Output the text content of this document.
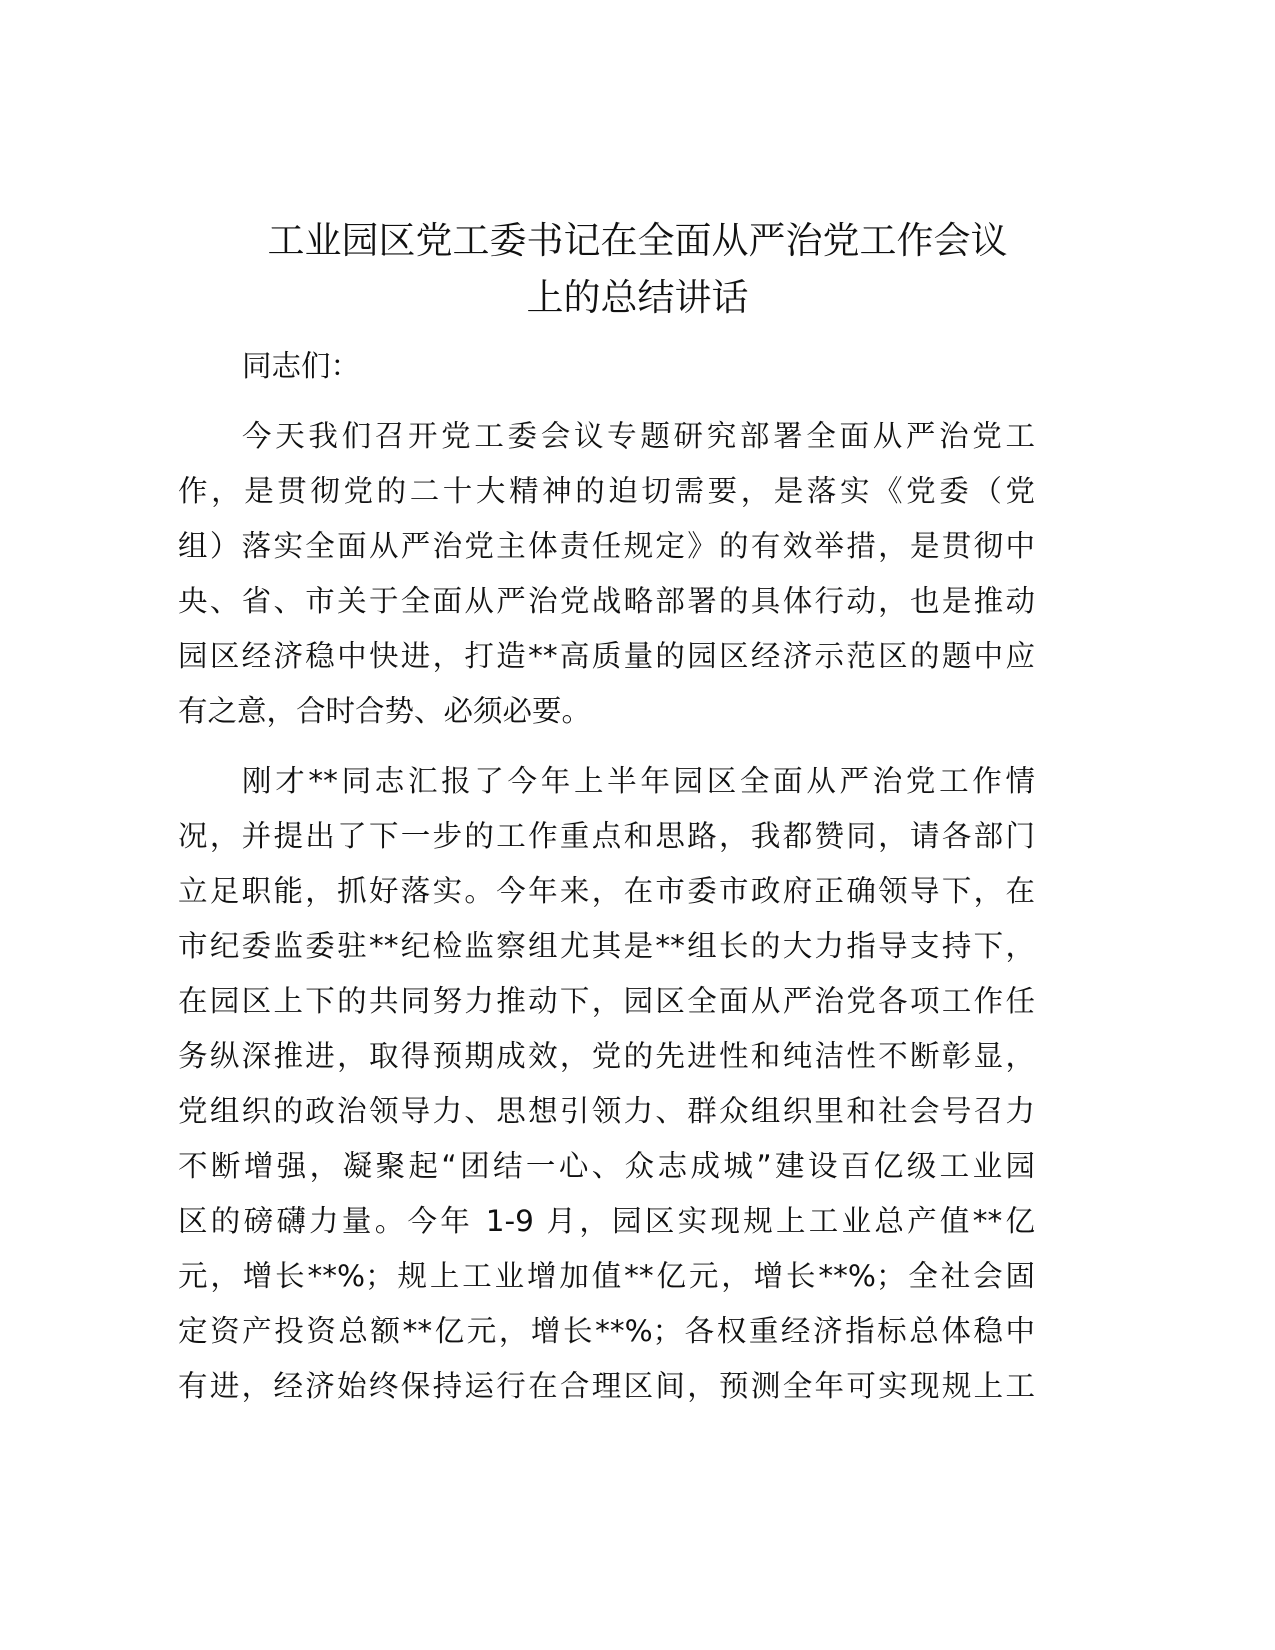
工业园区党工委书记在全面从严治党工作会议
上的总结讲话
同志们：
今天我们召开党工委会议专题研究部署全面从严治党工
作，是贯彻党的二十大精神的迫切需要，是落实《党委（党
组）落实全面从严治党主体责任规定》的有效举措，是贯彻中
央、省、市关于全面从严治党战略部署的具体行动，也是推动
园区经济稳中快进，打造**高质量的园区经济示范区的题中应
有之意，合时合势、必须必要。
刚才**同志汇报了今年上半年园区全面从严治党工作情
况，并提出了下一步的工作重点和思路，我都赞同，请各部门
立足职能，抓好落实。今年来，在市委市政府正确领导下，在
市纪委监委驻**纪检监察组尤其是**组长的大力指导支持下，
在园区上下的共同努力推动下，园区全面从严治党各项工作任
务纵深推进，取得预期成效，党的先进性和纯洁性不断彰显，
党组织的政治领导力、思想引领力、群众组织里和社会号召力
不断增强，凝聚起“团结一心、众志成城”建设百亿级工业园
区的磅礴力量。今年 1-9 月，园区实现规上工业总产值**亿
元，增长**%；规上工业增加值**亿元，增长**%；全社会固
定资产投资总额**亿元，增长**%；各权重经济指标总体稳中
有进，经济始终保持运行在合理区间，预测全年可实现规上工
